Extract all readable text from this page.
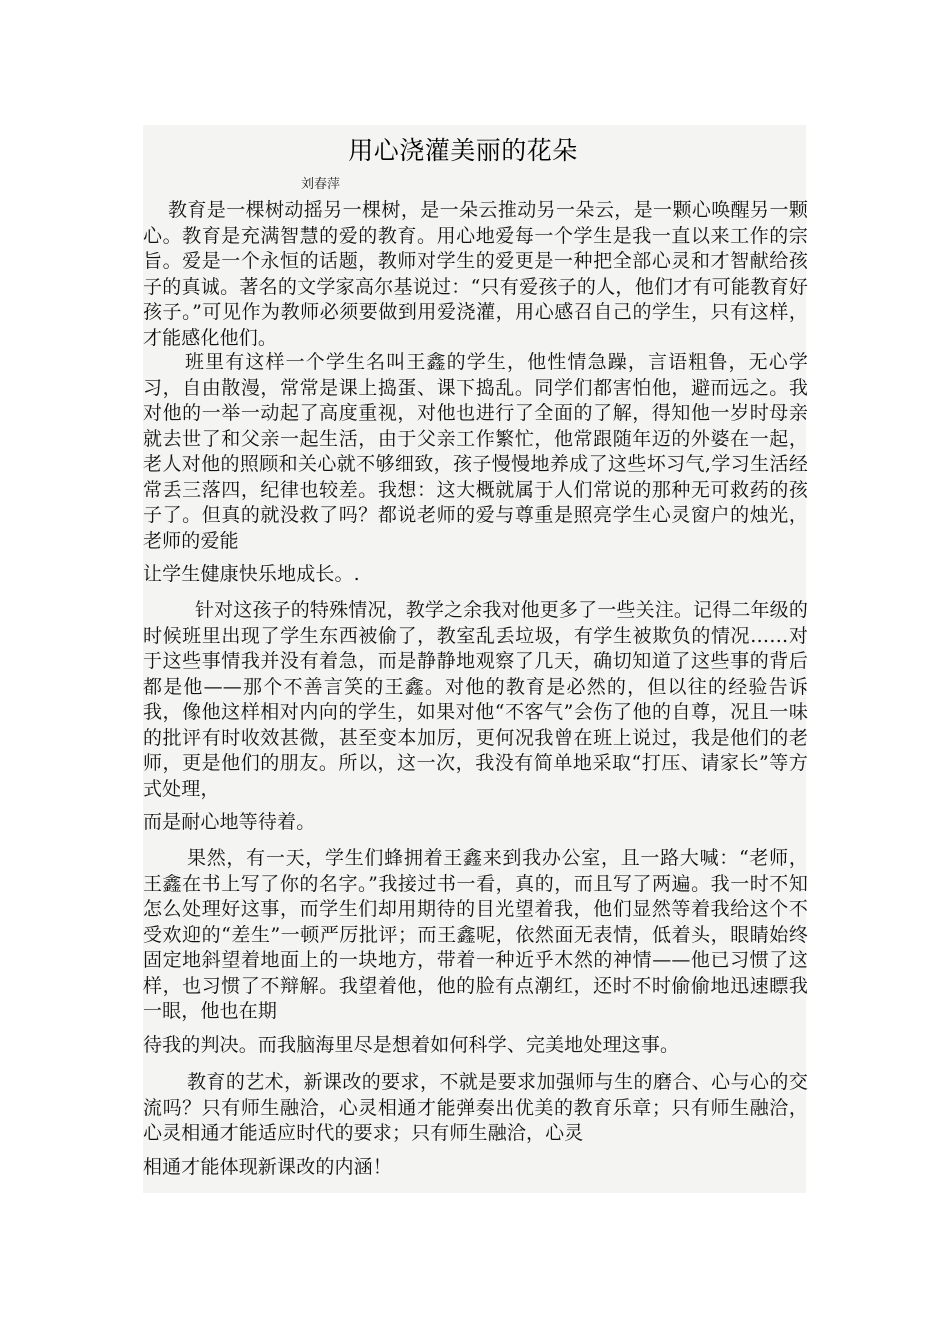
用心浇灌美丽的花朵
刘春萍
教育是一棵树动摇另一棵树，是一朵云推动另一朵云，是一颗心唤醒另一颗心。教育是充满智慧的爱的教育。用心地爱每一个学生是我一直以来工作的宗旨。爱是一个永恒的话题，教师对学生的爱更是一种把全部心灵和才智献给孩子的真诚。著名的文学家高尔基说过：“只有爱孩子的人，他们才有可能教育好孩子。”可见作为教师必须要做到用爱浇灌，用心感召自己的学生，只有这样，才能感化他们。
班里有这样一个学生名叫王鑫的学生，他性情急躁，言语粗鲁，无心学习，自由散漫，常常是课上捣蛋、课下捣乱。同学们都害怕他，避而远之。我对他的一举一动起了高度重视，对他也进行了全面的了解，得知他一岁时母亲就去世了和父亲一起生活，由于父亲工作繁忙，他常跟随年迈的外婆在一起，老人对他的照顾和关心就不够细致，孩子慢慢地养成了这些坏习气,学习生活经常丢三落四，纪律也较差。我想：这大概就属于人们常说的那种无可救药的孩子了。但真的就没救了吗？都说老师的爱与尊重是照亮学生心灵窗户的烛光，老师的爱能
让学生健康快乐地成长。.
针对这孩子的特殊情况，教学之余我对他更多了一些关注。记得二年级的时候班里出现了学生东西被偷了，教室乱丢垃圾，有学生被欺负的情况……对于这些事情我并没有着急，而是静静地观察了几天，确切知道了这些事的背后都是他——那个不善言笑的王鑫。对他的教育是必然的，但以往的经验告诉我，像他这样相对内向的学生，如果对他“不客气”会伤了他的自尊，况且一味的批评有时收效甚微，甚至变本加厉，更何况我曾在班上说过，我是他们的老师，更是他们的朋友。所以，这一次，我没有简单地采取“打压、请家长”等方式处理，
而是耐心地等待着。
果然，有一天，学生们蜂拥着王鑫来到我办公室，且一路大喊：“老师，王鑫在书上写了你的名字。”我接过书一看，真的，而且写了两遍。我一时不知怎么处理好这事，而学生们却用期待的目光望着我，他们显然等着我给这个不受欢迎的“差生”一顿严厉批评；而王鑫呢，依然面无表情，低着头，眼睛始终固定地斜望着地面上的一块地方，带着一种近乎木然的神情——他已习惯了这样，也习惯了不辩解。我望着他，他的脸有点潮红，还时不时偷偷地迅速瞟我一眼，他也在期
待我的判决。而我脑海里尽是想着如何科学、完美地处理这事。
教育的艺术，新课改的要求，不就是要求加强师与生的磨合、心与心的交流吗？只有师生融洽，心灵相通才能弹奏出优美的教育乐章；只有师生融洽，心灵相通才能适应时代的要求；只有师生融洽，心灵
相通才能体现新课改的内涵！
